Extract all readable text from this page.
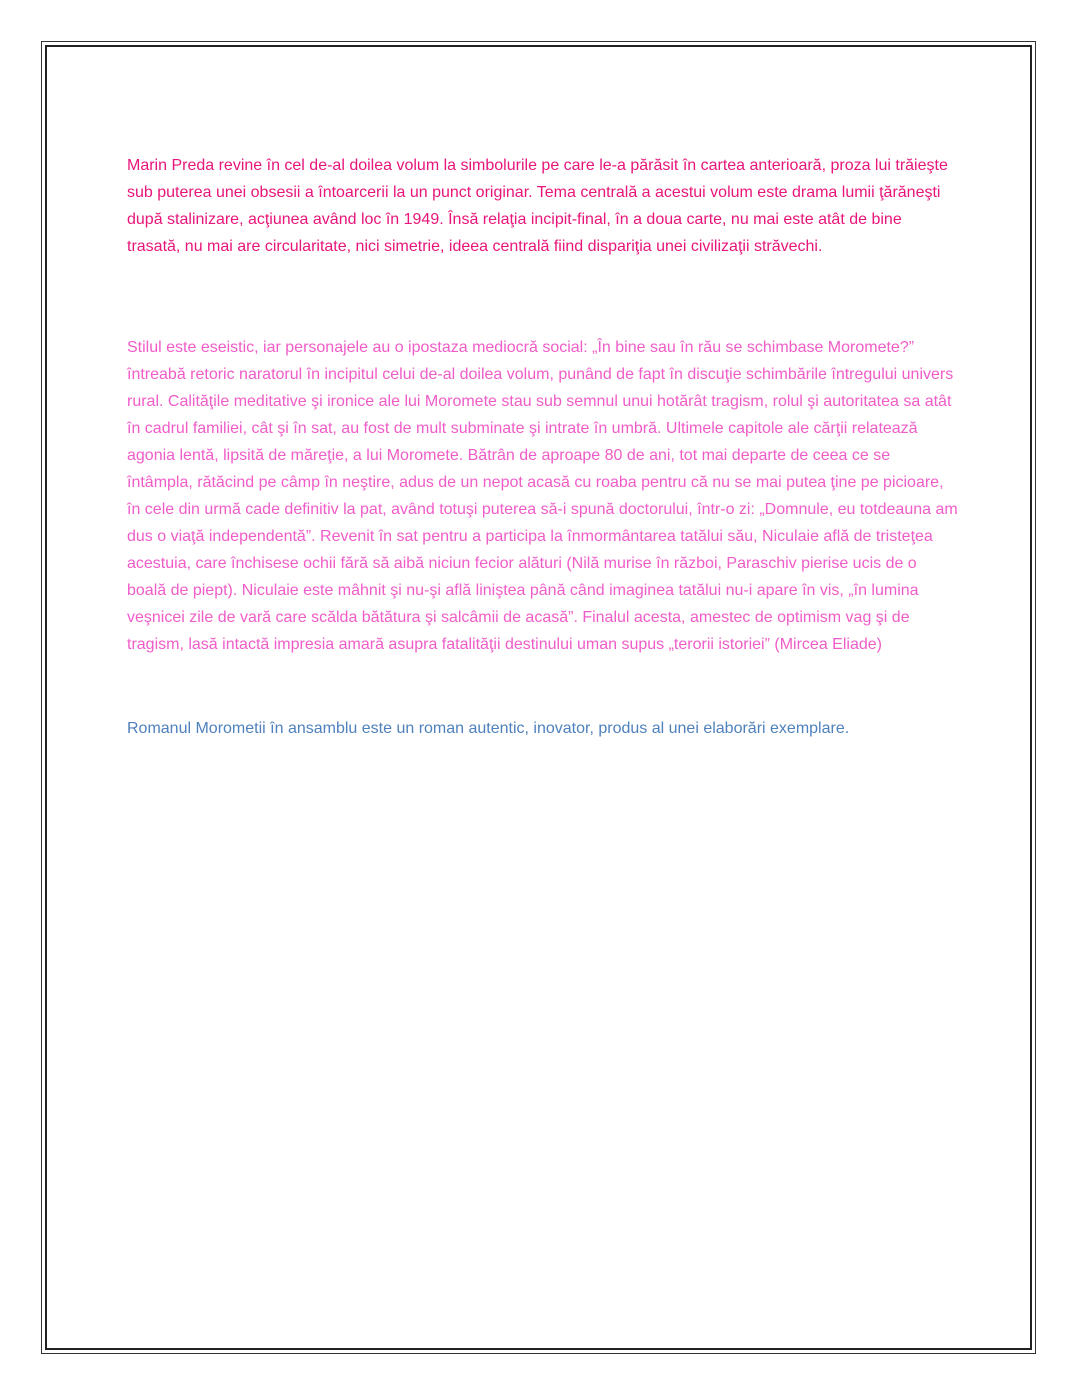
Marin Preda revine în cel de-al doilea volum la simbolurile pe care le-a părăsit în cartea anterioară, proza lui trăieşte sub puterea unei obsesii a întoarcerii la un punct originar. Tema centrală a acestui volum este drama lumii ţărăneşti după stalinizare, acţiunea având loc în 1949. Însă relaţia incipit-final, în a doua carte, nu mai este atât de bine trasată, nu mai are circularitate, nici simetrie, ideea centrală fiind dispariţia unei civilizaţii străvechi.

Stilul este eseistic, iar personajele au o ipostaza mediocră social: „În bine sau în rău se schimbase Moromete?” întreabă retoric naratorul în incipitul celui de-al doilea volum, punând de fapt în discuţie schimbările întregului univers rural. Calităţile meditative şi ironice ale lui Moromete stau sub semnul unui hotărât tragism, rolul şi autoritatea sa atât în cadrul familiei, cât şi în sat, au fost de mult subminate şi intrate în umbră. Ultimele capitole ale cărţii relatează agonia lentă, lipsită de măreţie, a lui Moromete. Bătrân de aproape 80 de ani, tot mai departe de ceea ce se întâmpla, rătăcind pe câmp în neştire, adus de un nepot acasă cu roaba pentru că nu se mai putea ţine pe picioare, în cele din urmă cade definitiv la pat, având totuşi puterea să-i spună doctorului, într-o zi: „Domnule, eu totdeauna am dus o viaţă independentă”. Revenit în sat pentru a participa la înmormântarea tatălui său, Niculaie află de tristeţea acestuia, care închisese ochii fără să aibă niciun fecior alături (Nilă murise în război, Paraschiv pierise ucis de o boală de piept). Niculaie este mâhnit şi nu-şi află liniştea până când imaginea tatălui nu-i apare în vis, „în lumina veşnicei zile de vară care scălda bătătura şi salcâmii de acasă”. Finalul acesta, amestec de optimism vag şi de tragism, lasă intactă impresia amară asupra fatalităţii destinului uman supus „terorii istoriei” (Mircea Eliade)

Romanul Morometii în ansamblu este un roman autentic, inovator, produs al unei elaborări exemplare.
